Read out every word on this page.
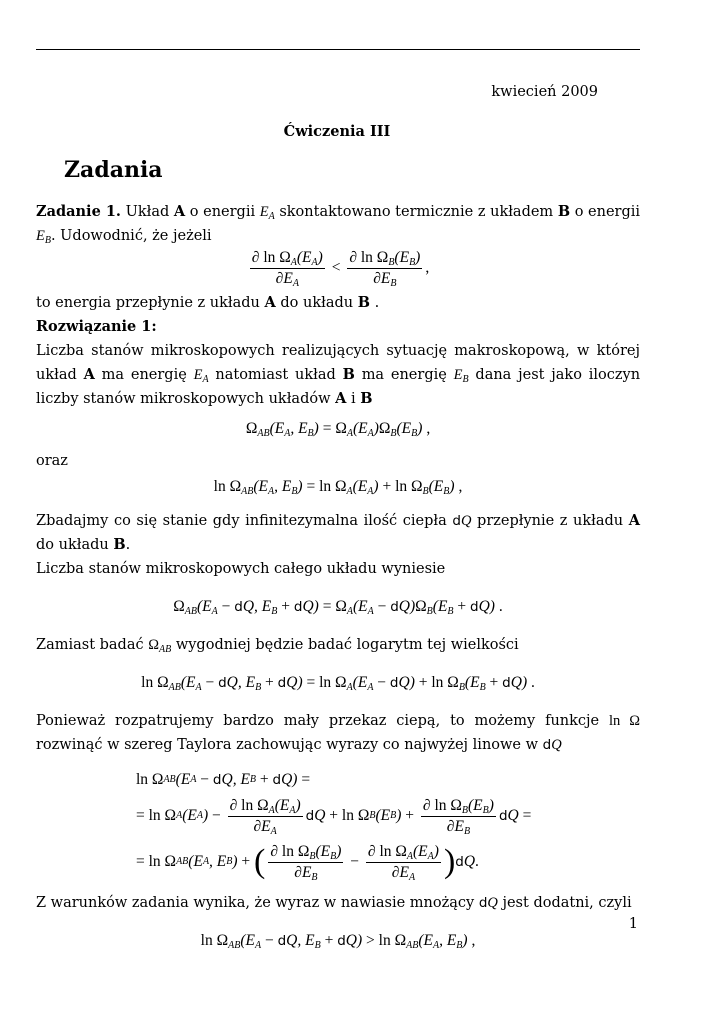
kwiecień 2009
Ćwiczenia III
Zadania

Zadanie 1. Układ A o energii $E_A$ skontaktowano termicznie z układem B o energii $E_B$. Udowodnić, że jeżeli

$\frac{\partial \ln \Omega_A(E_A)}{\partial E_A} < \frac{\partial \ln \Omega_B(E_B)}{\partial E_B}$ ,

to energia przepłynie z układu A do układu B .

Rozwiązanie 1:

Liczba stanów mikroskopowych realizujących sytuację makroskopową, w której układ A ma energię $E_A$ natomiast układ B ma energię $E_B$ dana jest jako iloczyn liczby stanów mikroskopowych układów A i B

$\Omega_{AB}(E_A$, $E_B) = \Omega_A(E_A)\Omega_B(E_B)$ ,

oraz

$\ln \Omega_{AB}(E_A$, $E_B) = \ln \Omega_A(E_A) + \ln \Omega_B(E_B)$ ,

Zbadajmy co się stanie gdy infinitezymalna ilość ciepła dQ przepłynie z układu A do układu B.
Liczba stanów mikroskopowych całego układu wyniesie

$\Omega_{AB}(E_A$ − dQ, $E_B + dQ) = \Omega_A(E_A - dQ)\Omega_B(E_B + dQ)$ .

Zamiast badać $\Omega_{AB}$ wygodniej będzie badać logarytm tej wielkości

$\ln \Omega_{AB}(E_A$ − dQ, $E_B + dQ) = \ln \Omega_A(E_A - dQ) + \ln \Omega_B(E_B + dQ)$ .

Ponieważ rozpatrujemy bardzo mały przekaz ciepą, to możemy funkcje ln Ω rozwinąć w szereg Taylora zachowując wyrazy co najwyżej linowe w dQ

ln Ω AB (E A − d Q, E B + d Q) =
= ln Ω A (E A ) − $\frac{\partial \ln \Omega_A(E_A)}{\partial E_A}$ d Q + ln Ω B (E B ) + $\frac{\partial \ln \Omega_B(E_B)}{\partial E_B}$ d Q =
= ln Ω AB (E A , E B ) + ( $\frac{\partial \ln \Omega_B(E_B)}{\partial E_B} - \frac{\partial \ln \Omega_A(E_A)}{\partial E_A}$ ) d Q .

Z warunków zadania wynika, że wyraz w nawiasie mnożący dQ jest dodatni, czyli

$\ln \Omega_{AB}(E_A$ − dQ, $E_B + dQ) > \ln \Omega_{AB}(E_A$, $E_B$) ,
1
